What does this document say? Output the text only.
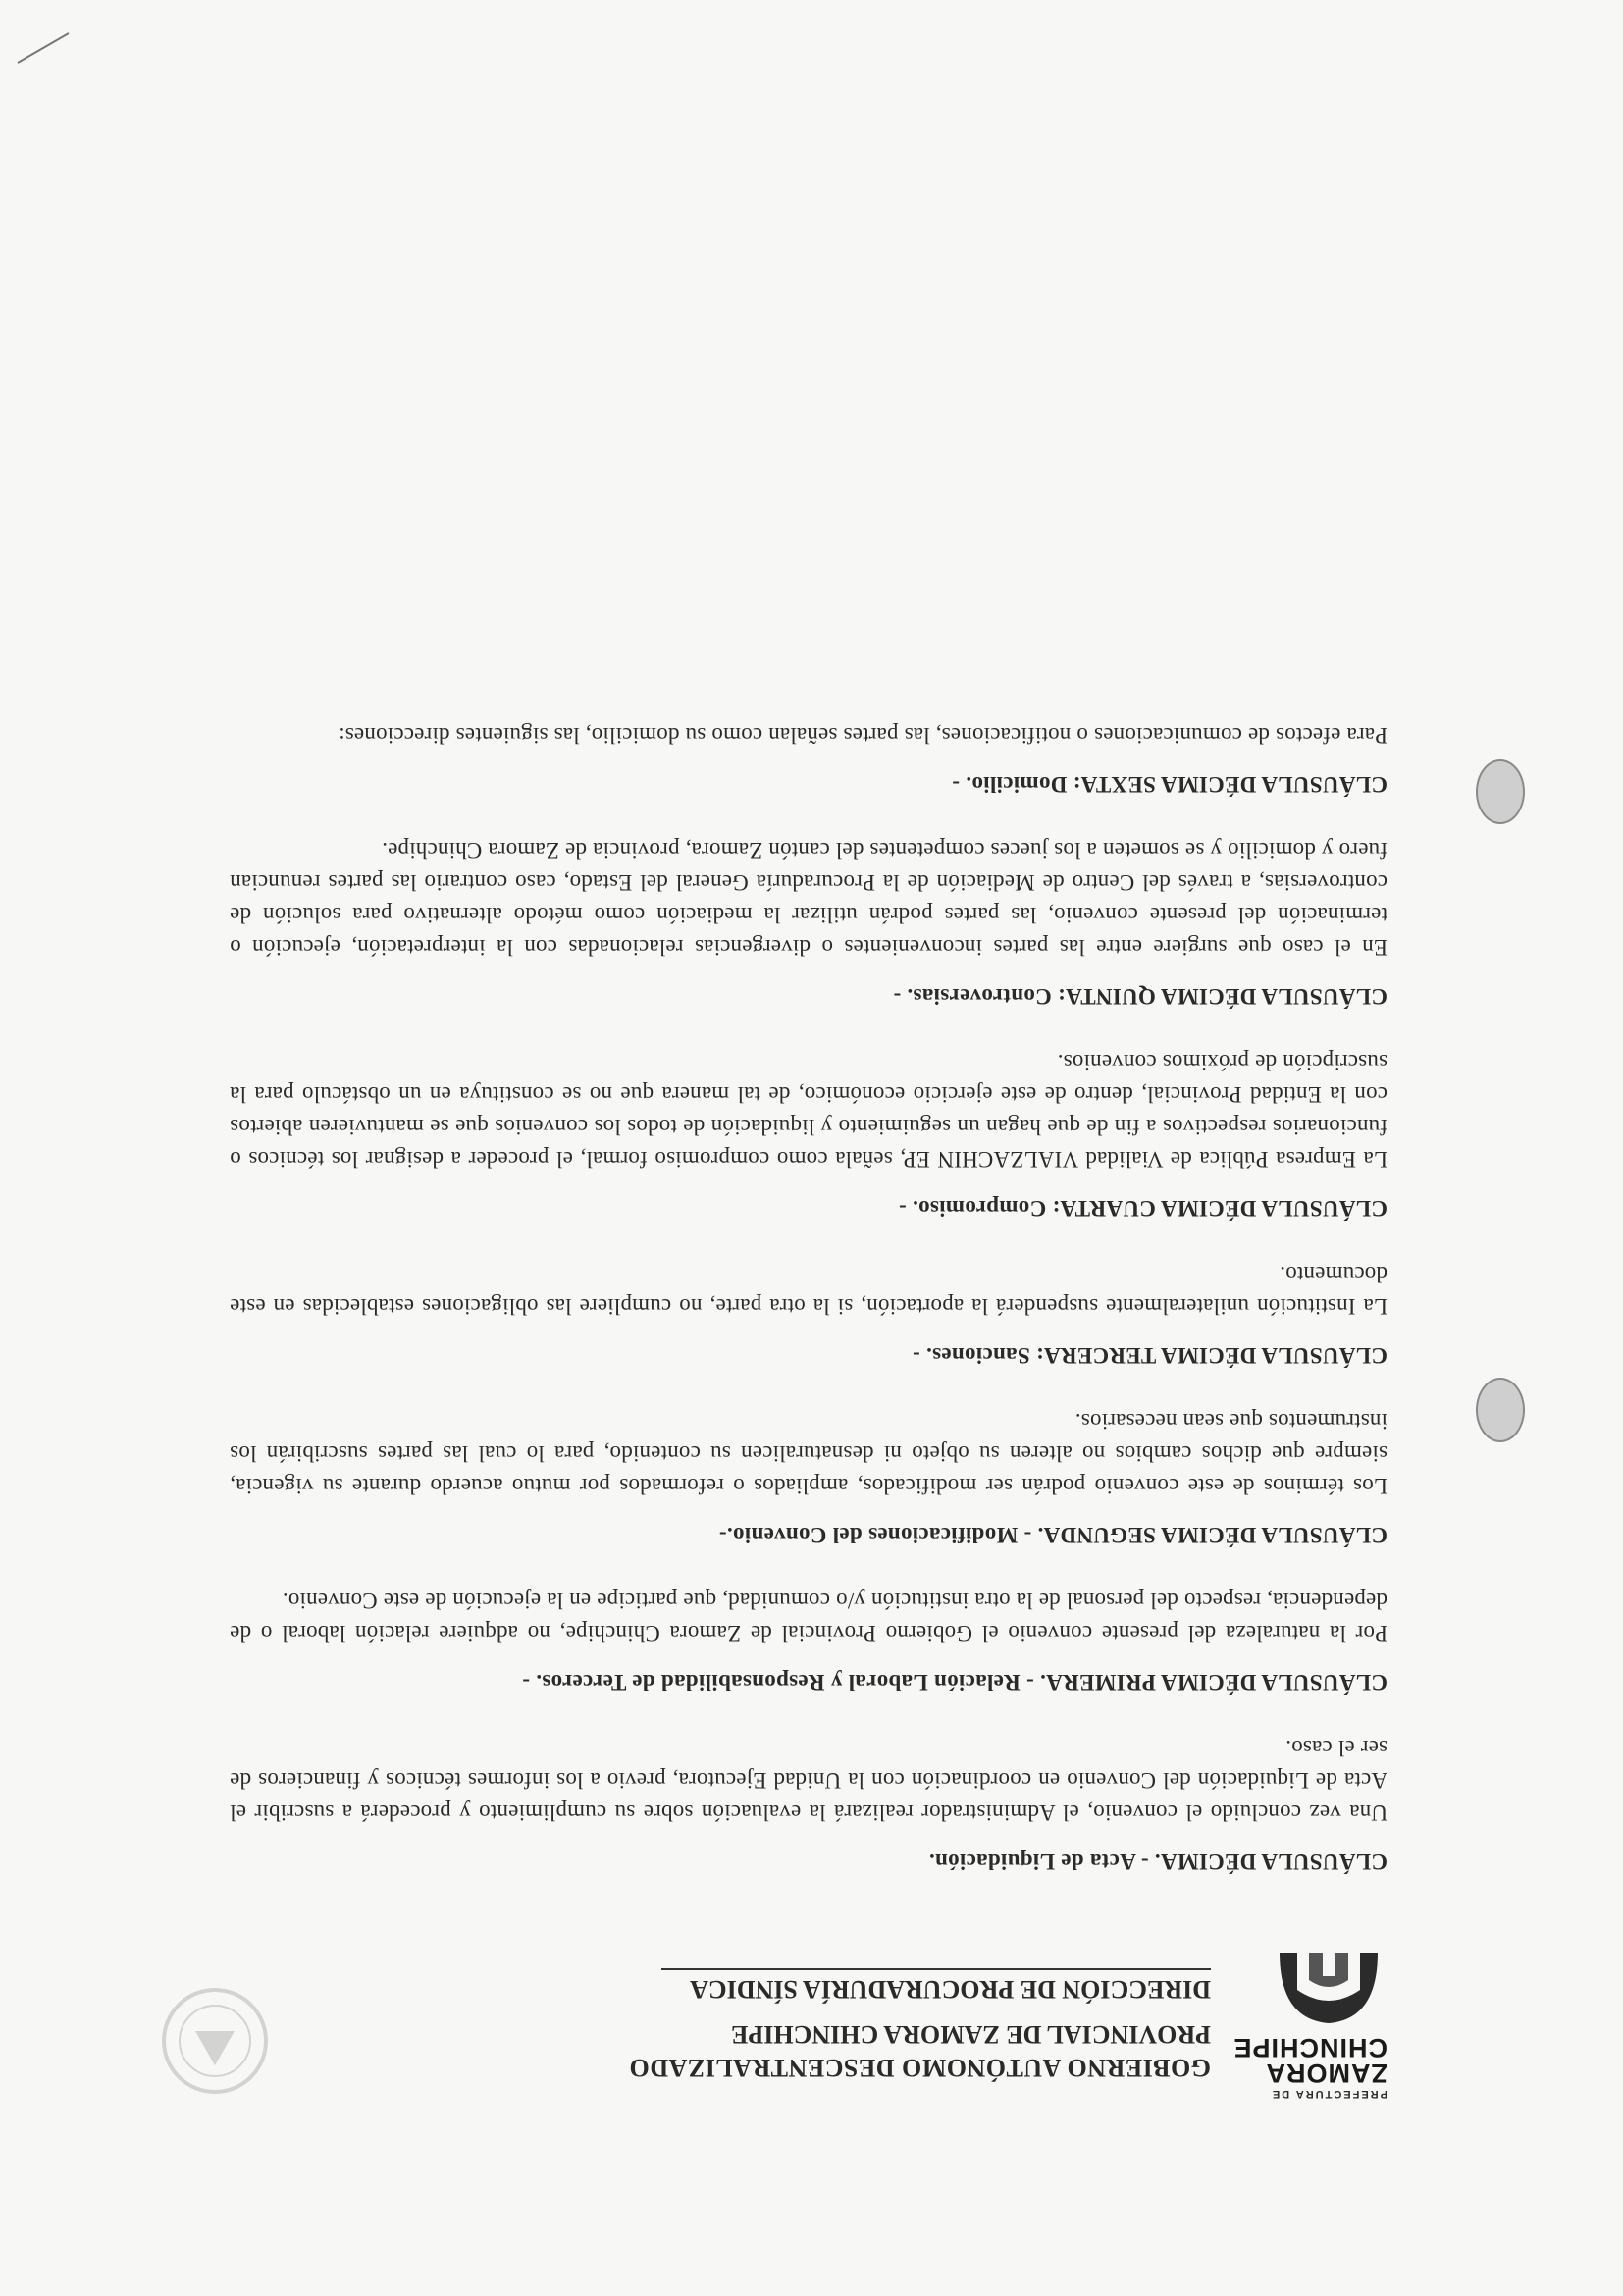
PREFECTURA DE
ZAMORA
CHINCHIPE
GOBIERNO AUTÓNOMO DESCENTRALIZADO
PROVINCIAL DE ZAMORA CHINCHIPE
DIRECCIÓN DE PROCURADURÍA SÍNDICA
CLÁUSULA DÉCIMA. - Acta de Liquidación.

Una vez concluido el convenio, el Administrador realizará la evaluación sobre su cumplimiento y procederá a suscribir el Acta de Liquidación del Convenio en coordinación con la Unidad Ejecutora, previo a los informes técnicos y financieros de ser el caso.

CLÁUSULA DÉCIMA PRIMERA. - Relación Laboral y Responsabilidad de Terceros. -

Por la naturaleza del presente convenio el Gobierno Provincial de Zamora Chinchipe, no adquiere relación laboral o de dependencia, respecto del personal de la otra institución y/o comunidad, que participe en la ejecución de este Convenio.

CLÁUSULA DÉCIMA SEGUNDA. - Modificaciones del Convenio.-

Los términos de este convenio podrán ser modificados, ampliados o reformados por mutuo acuerdo durante su vigencia, siempre que dichos cambios no alteren su objeto ni desnaturalicen su contenido, para lo cual las partes suscribirán los instrumentos que sean necesarios.

CLÁUSULA DÉCIMA TERCERA: Sanciones. -

La Institución unilateralmente suspenderá la aportación, si la otra parte, no cumpliere las obligaciones establecidas en este documento.

CLÁUSULA DÉCIMA CUARTA: Compromiso. -

La Empresa Pública de Vialidad VIALZACHIN EP, señala como compromiso formal, el proceder a designar los técnicos o funcionarios respectivos a fin de que hagan un seguimiento y liquidación de todos los convenios que se mantuvieren abiertos con la Entidad Provincial, dentro de este ejercicio económico, de tal manera que no se constituya en un obstáculo para la suscripción de próximos convenios.

CLÁUSULA DÉCIMA QUINTA: Controversias. -

En el caso que surgiere entre las partes inconvenientes o divergencias relacionadas con la interpretación, ejecución o terminación del presente convenio, las partes podrán utilizar la mediación como método alternativo para solución de controversias, a través del Centro de Mediación de la Procuraduría General del Estado, caso contrario las partes renuncian fuero y domicilio y se someten a los jueces competentes del cantón Zamora, provincia de Zamora Chinchipe.

CLÁUSULA DÉCIMA SEXTA: Domicilio. -

Para efectos de comunicaciones o notificaciones, las partes señalan como su domicilio, las siguientes direcciones:
